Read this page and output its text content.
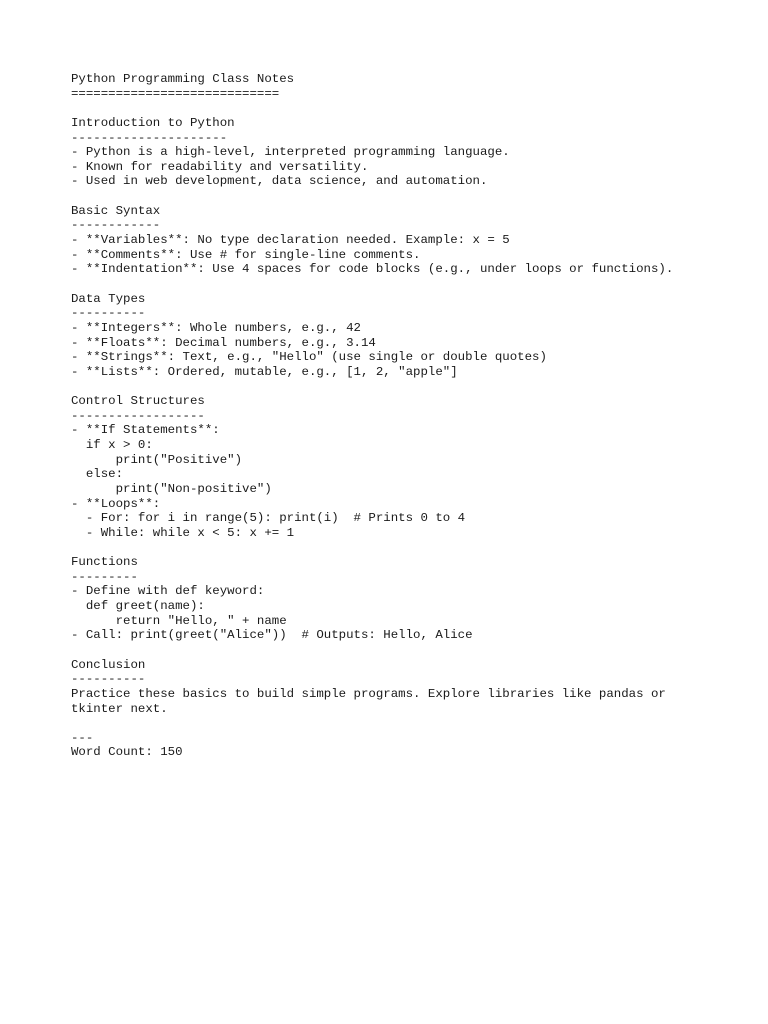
Python Programming Class Notes
============================
Introduction to Python
---------------------
- Python is a high-level, interpreted programming language.
- Known for readability and versatility.
- Used in web development, data science, and automation.
Basic Syntax
------------
- **Variables**: No type declaration needed. Example: x = 5
- **Comments**: Use # for single-line comments.
- **Indentation**: Use 4 spaces for code blocks (e.g., under loops or functions).
Data Types
----------
- **Integers**: Whole numbers, e.g., 42
- **Floats**: Decimal numbers, e.g., 3.14
- **Strings**: Text, e.g., "Hello" (use single or double quotes)
- **Lists**: Ordered, mutable, e.g., [1, 2, "apple"]
Control Structures
------------------
- **If Statements**:
if x > 0:
print("Positive")
else:
print("Non-positive")
- **Loops**:
- For: for i in range(5): print(i)  # Prints 0 to 4
- While: while x < 5: x += 1
Functions
---------
- Define with def keyword:
def greet(name):
return "Hello, " + name
- Call: print(greet("Alice"))  # Outputs: Hello, Alice
Conclusion
----------
Practice these basics to build simple programs. Explore libraries like pandas or
tkinter next.
---
Word Count: 150
